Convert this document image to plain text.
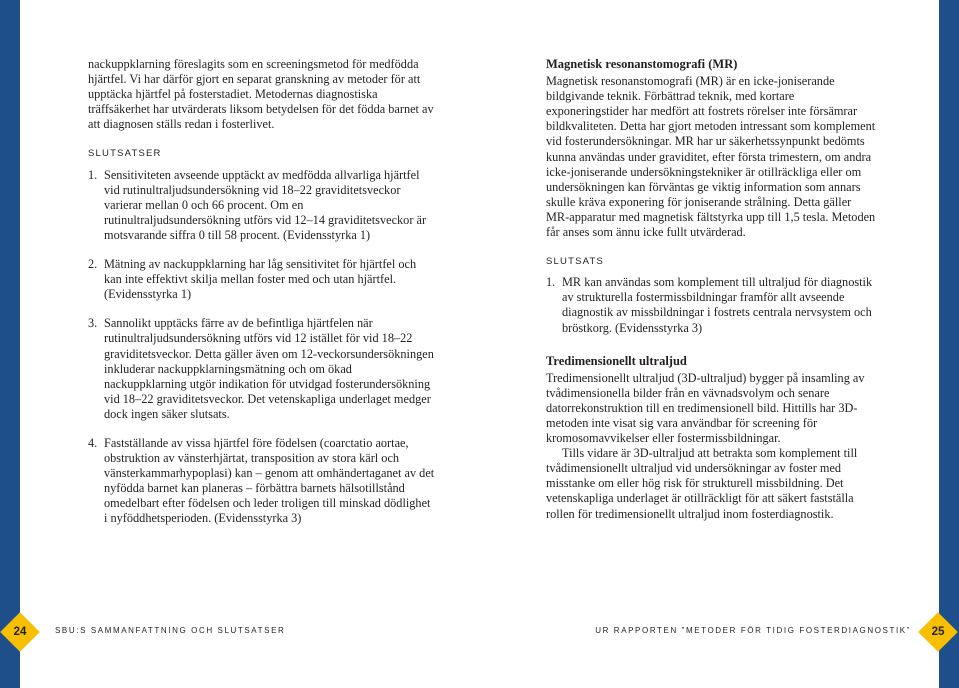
nackuppklarning föreslagits som en screeningsmetod för medfödda hjärtfel. Vi har därför gjort en separat granskning av metoder för att upptäcka hjärtfel på fosterstadiet. Metodernas diagnostiska träffsäkerhet har utvärderats liksom betydelsen för det födda barnet av att diagnosen ställs redan i fosterlivet.

SLUTSATSER
1. Sensitiviteten avseende upptäckt av medfödda allvarliga hjärtfel vid rutinultraljudsundersökning vid 18–22 graviditetsveckor varierar mellan 0 och 66 procent. Om en rutinultraljudsundersökning utförs vid 12–14 graviditetsveckor är motsvarande siffra 0 till 58 procent. (Evidensstyrka 1)
2. Mätning av nackuppklarning har låg sensitivitet för hjärtfel och kan inte effektivt skilja mellan foster med och utan hjärtfel. (Evidensstyrka 1)
3. Sannolikt upptäcks färre av de befintliga hjärtfelen när rutinultraljudsundersökning utförs vid 12 istället för vid 18–22 graviditetsveckor. Detta gäller även om 12-veckorsundersökningen inkluderar nackuppklarningsmätning och om ökad nackuppklarning utgör indikation för utvidgad fosterundersökning vid 18–22 graviditetsveckor. Det vetenskapliga underlaget medger dock ingen säker slutsats.
4. Fastställande av vissa hjärtfel före födelsen (coarctatio aortae, obstruktion av vänsterhjärtat, transposition av stora kärl och vänsterkammarhypoplasi) kan – genom att omhändertaganet av det nyfödda barnet kan planeras – förbättra barnets hälsotillstånd omedelbart efter födelsen och leder troligen till minskad dödlighet i nyföddhetsperioden. (Evidensstyrka 3)
24	SBU:S SAMMANFATTNING OCH SLUTSATSER
Magnetisk resonanstomografi (MR)

Magnetisk resonanstomografi (MR) är en icke-joniserande bildgivande teknik. Förbättrad teknik, med kortare exponeringstider har medfört att fostrets rörelser inte försämrar bildkvaliteten. Detta har gjort metoden intressant som komplement vid fosterundersökningar. MR har ur säkerhetssynpunkt bedömts kunna användas under graviditet, efter första trimestern, om andra icke-joniserande undersökningstekniker är otillräckliga eller om undersökningen kan förväntas ge viktig information som annars skulle kräva exponering för joniserande strålning. Detta gäller MR-apparatur med magnetisk fältstyrka upp till 1,5 tesla. Metoden får anses som ännu icke fullt utvärderad.

SLUTSATS
1. MR kan användas som komplement till ultraljud för diagnostik av strukturella fostermissbildningar framför allt avseende diagnostik av missbildningar i fostrets centrala nervsystem och bröstkorg. (Evidensstyrka 3)
Tredimensionellt ultraljud

Tredimensionellt ultraljud (3D-ultraljud) bygger på insamling av tvådimensionella bilder från en vävnadsvolym och senare datorrekonstruktion till en tredimensionell bild. Hittills har 3D-metoden inte visat sig vara användbar för screening för kromosomavvikelser eller fostermissbildningar.

Tills vidare är 3D-ultraljud att betrakta som komplement till tvådimensionellt ultraljud vid undersökningar av foster med misstanke om eller hög risk för strukturell missbildning. Det vetenskapliga underlaget är otillräckligt för att säkert fastställa rollen för tredimensionellt ultraljud inom fosterdiagnostik.

UR RAPPORTEN ”METODER FÖR TIDIG FOSTERDIAGNOSTIK” 25
